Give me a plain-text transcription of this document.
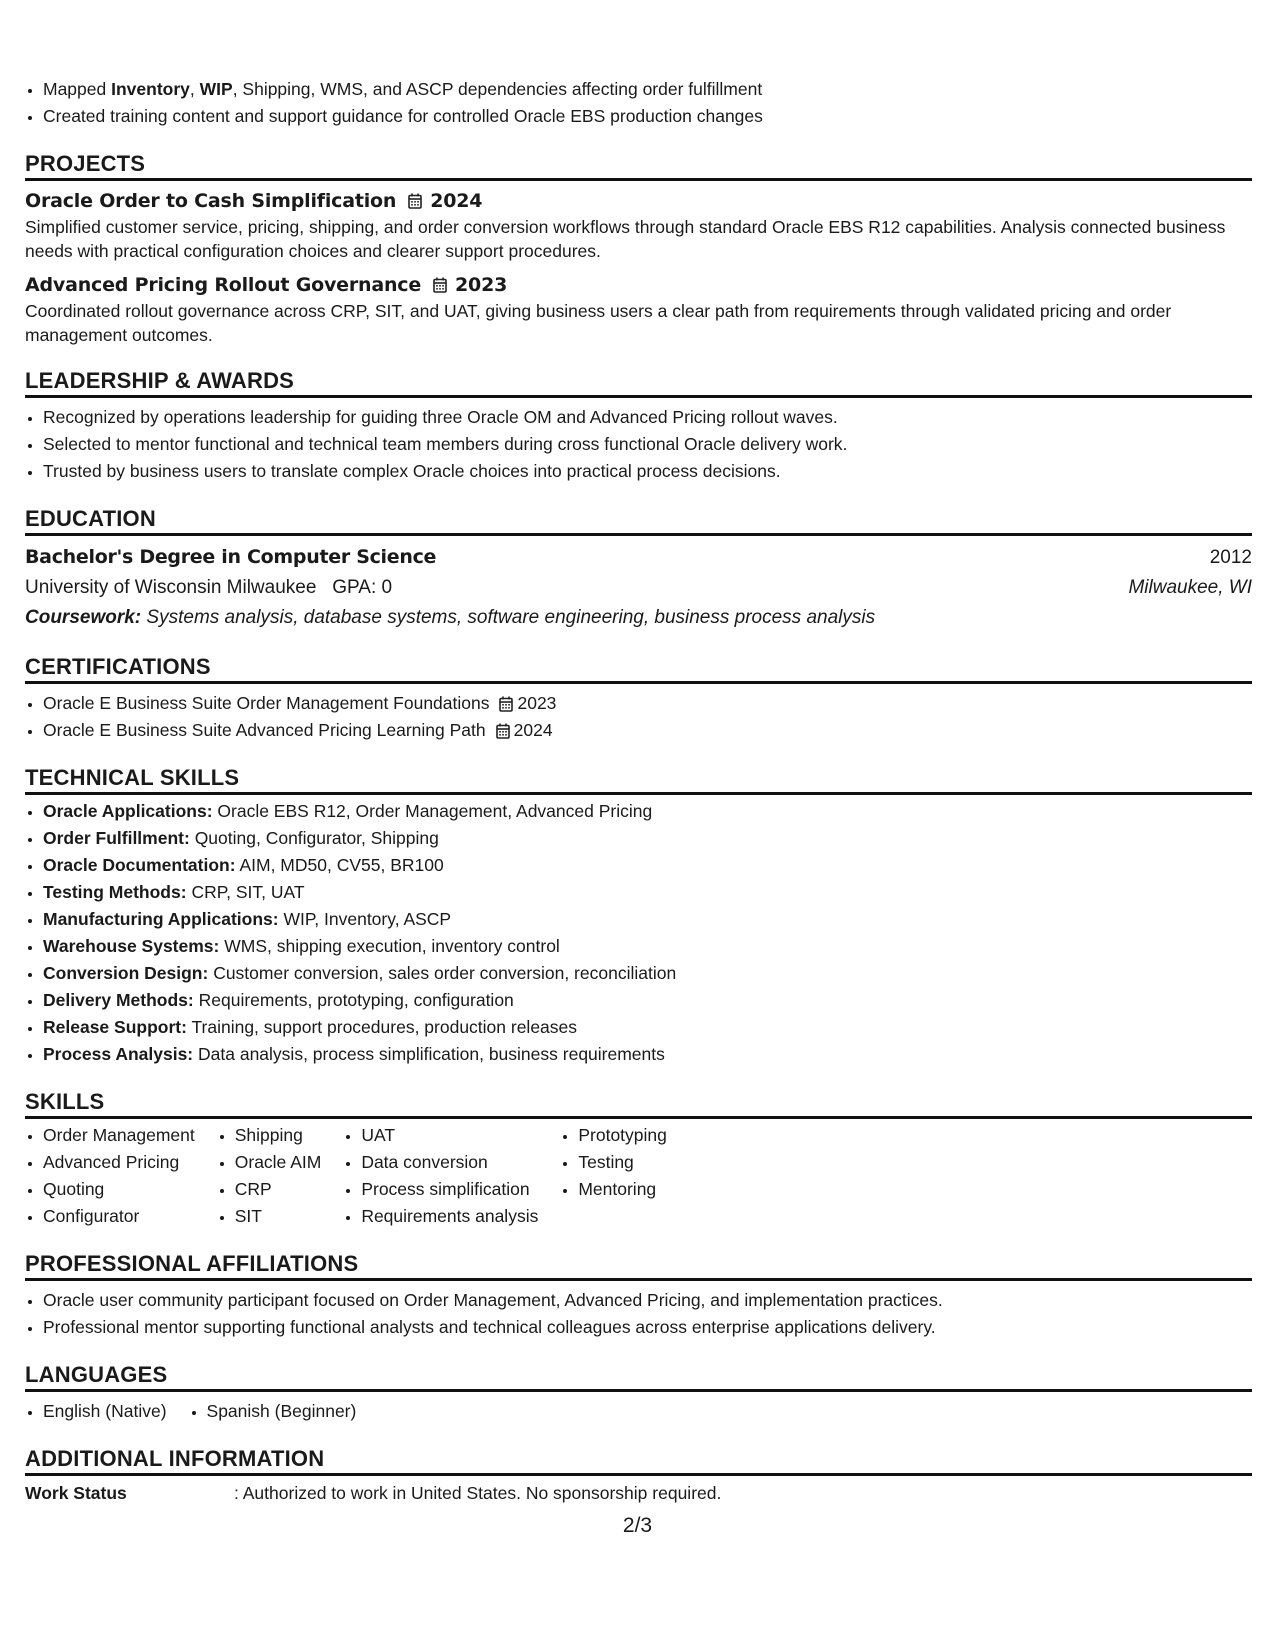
• Mapped Inventory, WIP, Shipping, WMS, and ASCP dependencies affecting order fulfillment
• Created training content and support guidance for controlled Oracle EBS production changes
PROJECTS
Oracle Order to Cash Simplification 2024
Simplified customer service, pricing, shipping, and order conversion workflows through standard Oracle EBS R12 capabilities. Analysis connected business needs with practical configuration choices and clearer support procedures.
Advanced Pricing Rollout Governance 2023
Coordinated rollout governance across CRP, SIT, and UAT, giving business users a clear path from requirements through validated pricing and order management outcomes.
LEADERSHIP & AWARDS
• Recognized by operations leadership for guiding three Oracle OM and Advanced Pricing rollout waves.
• Selected to mentor functional and technical team members during cross functional Oracle delivery work.
• Trusted by business users to translate complex Oracle choices into practical process decisions.
EDUCATION
Bachelor's Degree in Computer Science	2012
University of Wisconsin Milwaukee GPA: 0	Milwaukee, WI
Coursework: Systems analysis, database systems, software engineering, business process analysis
CERTIFICATIONS
• Oracle E Business Suite Order Management Foundations 2023
• Oracle E Business Suite Advanced Pricing Learning Path 2024
TECHNICAL SKILLS
• Oracle Applications: Oracle EBS R12, Order Management, Advanced Pricing
• Order Fulfillment: Quoting, Configurator, Shipping
• Oracle Documentation: AIM, MD50, CV55, BR100
• Testing Methods: CRP, SIT, UAT
• Manufacturing Applications: WIP, Inventory, ASCP
• Warehouse Systems: WMS, shipping execution, inventory control
• Conversion Design: Customer conversion, sales order conversion, reconciliation
• Delivery Methods: Requirements, prototyping, configuration
• Release Support: Training, support procedures, production releases
• Process Analysis: Data analysis, process simplification, business requirements
SKILLS
• Order Management
• Advanced Pricing
• Quoting
• Configurator
• Shipping
• Oracle AIM
• CRP
• SIT
• UAT
• Data conversion
• Process simplification
• Requirements analysis
• Prototyping
• Testing
• Mentoring
PROFESSIONAL AFFILIATIONS
• Oracle user community participant focused on Order Management, Advanced Pricing, and implementation practices.
• Professional mentor supporting functional analysts and technical colleagues across enterprise applications delivery.
LANGUAGES
• English (Native)
• Spanish (Beginner)
ADDITIONAL INFORMATION
Work Status	: Authorized to work in United States. No sponsorship required.
2/3
